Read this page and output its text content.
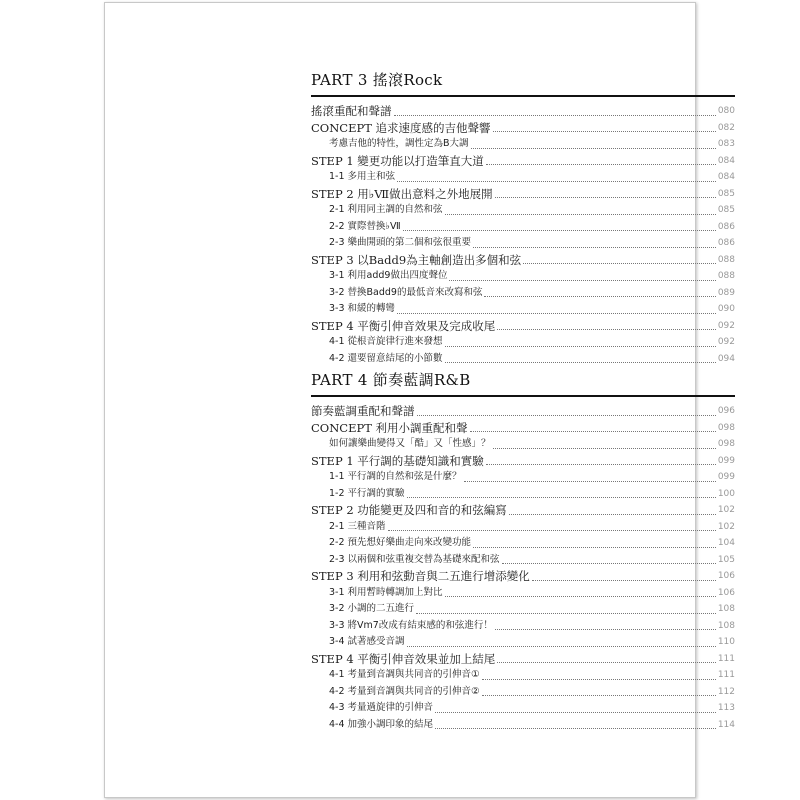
PART 3 搖滾Rock
搖滾重配和聲譜	080
CONCEPT 追求速度感的吉他聲響	082
考慮吉他的特性，調性定為B大調	083
STEP 1 變更功能以打造筆直大道	084
1-1 多用主和弦	084
STEP 2 用♭Ⅶ做出意料之外地展開	085
2-1 利用同主調的自然和弦	085
2-2 實際替換♭Ⅶ	086
2-3 樂曲開頭的第二個和弦很重要	086
STEP 3 以Badd9為主軸創造出多個和弦	088
3-1 利用add9做出四度聲位	088
3-2 替換Badd9的最低音來改寫和弦	089
3-3 和緩的轉彎	090
STEP 4 平衡引伸音效果及完成收尾	092
4-1 從根音旋律行進來發想	092
4-2 還要留意結尾的小節數	094
PART 4 節奏藍調R&B
節奏藍調重配和聲譜	096
CONCEPT 利用小調重配和聲	098
如何讓樂曲變得又「酷」又「性感」？	098
STEP 1 平行調的基礎知識和實驗	099
1-1 平行調的自然和弦是什麼？	099
1-2 平行調的實驗	100
STEP 2 功能變更及四和音的和弦編寫	102
2-1 三種音階	102
2-2 預先想好樂曲走向來改變功能	104
2-3 以兩個和弦重複交替為基礎來配和弦	105
STEP 3 利用和弦動音與二五進行增添變化	106
3-1 利用暫時轉調加上對比	106
3-2 小調的二五進行	108
3-3 將Ⅴm7改成有結束感的和弦進行！	108
3-4 試著感受音調	110
STEP 4 平衡引伸音效果並加上結尾	111
4-1 考量到音調與共同音的引伸音①	111
4-2 考量到音調與共同音的引伸音②	112
4-3 考量過旋律的引伸音	113
4-4 加強小調印象的結尾	114
